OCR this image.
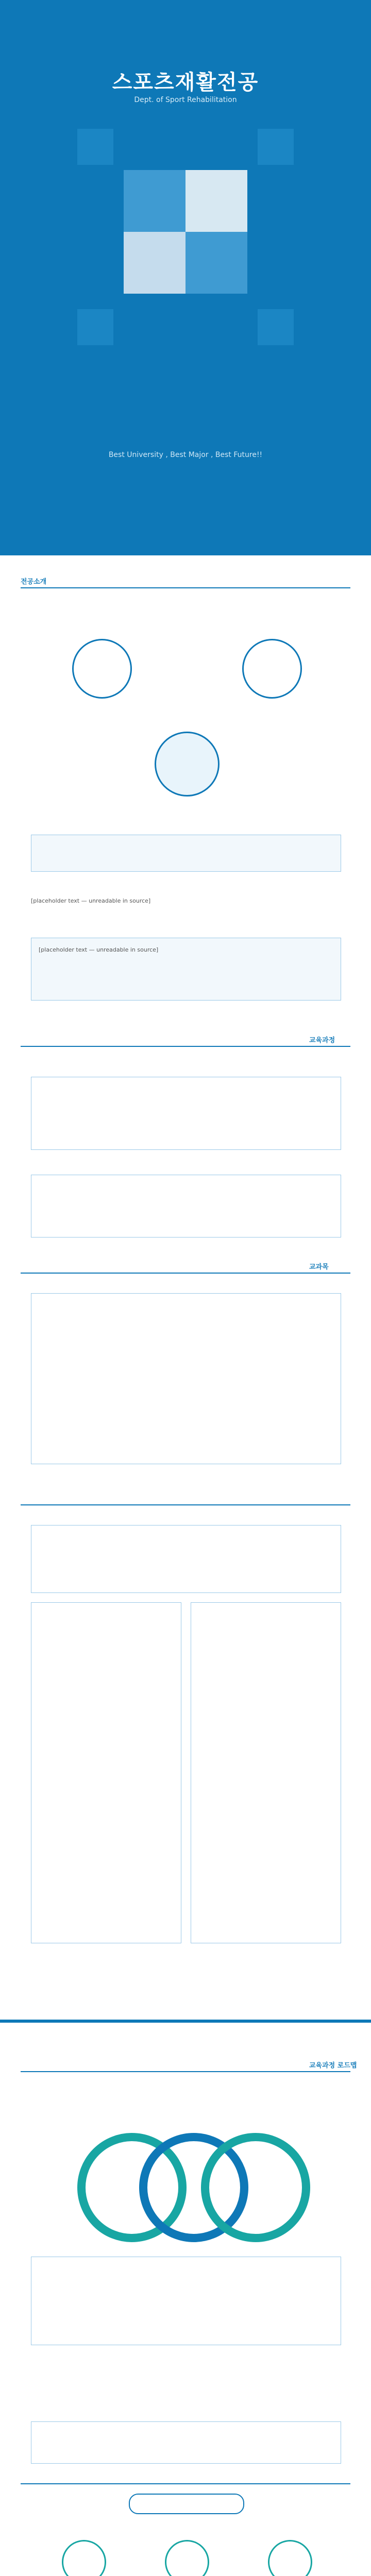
스포츠재활전공
Dept. of Sport Rehabilitation
Best University , Best Major , Best Future!!
전공소개
[placeholder text — unreadable in source]
[placeholder text — unreadable in source]
교육과정
교과목
교육과정 로드맵
